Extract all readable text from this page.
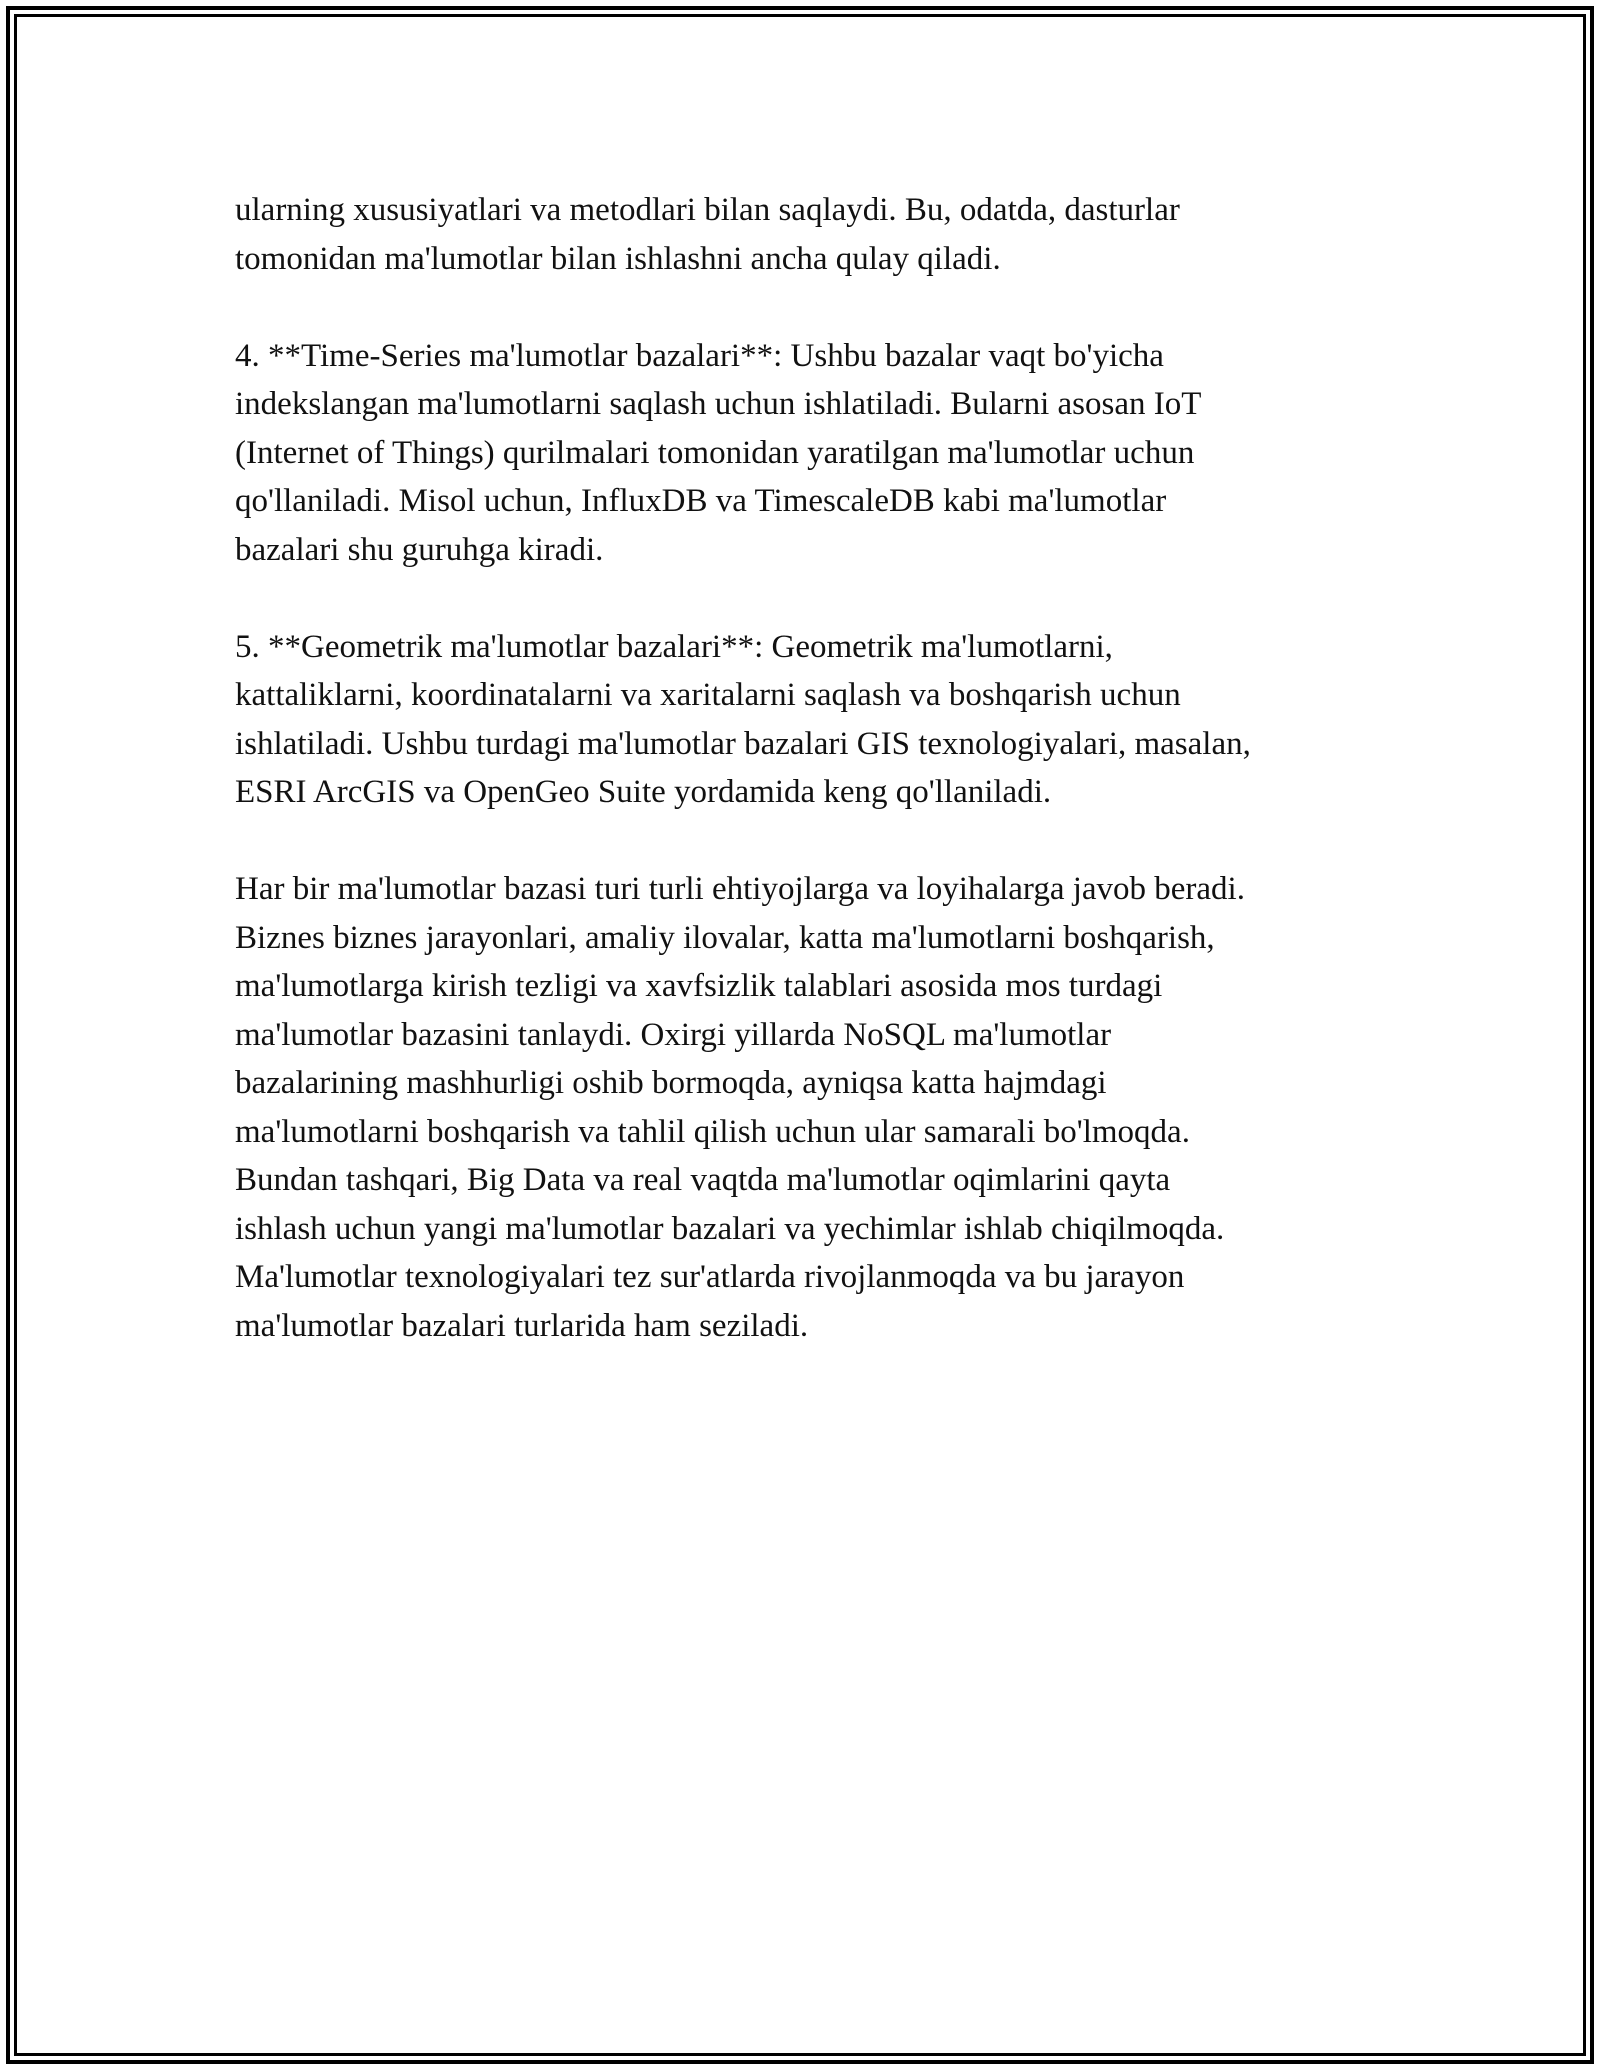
ularning xususiyatlari va metodlari bilan saqlaydi. Bu, odatda, dasturlar
tomonidan ma'lumotlar bilan ishlashni ancha qulay qiladi.

4. **Time-Series ma'lumotlar bazalari**: Ushbu bazalar vaqt bo'yicha
indekslangan ma'lumotlarni saqlash uchun ishlatiladi. Bularni asosan IoT
(Internet of Things) qurilmalari tomonidan yaratilgan ma'lumotlar uchun
qo'llaniladi. Misol uchun, InfluxDB va TimescaleDB kabi ma'lumotlar
bazalari shu guruhga kiradi.

5. **Geometrik ma'lumotlar bazalari**: Geometrik ma'lumotlarni,
kattaliklarni, koordinatalarni va xaritalarni saqlash va boshqarish uchun
ishlatiladi. Ushbu turdagi ma'lumotlar bazalari GIS texnologiyalari, masalan,
ESRI ArcGIS va OpenGeo Suite yordamida keng qo'llaniladi.

Har bir ma'lumotlar bazasi turi turli ehtiyojlarga va loyihalarga javob beradi.
Biznes biznes jarayonlari, amaliy ilovalar, katta ma'lumotlarni boshqarish,
ma'lumotlarga kirish tezligi va xavfsizlik talablari asosida mos turdagi
ma'lumotlar bazasini tanlaydi. Oxirgi yillarda NoSQL ma'lumotlar
bazalarining mashhurligi oshib bormoqda, ayniqsa katta hajmdagi
ma'lumotlarni boshqarish va tahlil qilish uchun ular samarali bo'lmoqda.
Bundan tashqari, Big Data va real vaqtda ma'lumotlar oqimlarini qayta
ishlash uchun yangi ma'lumotlar bazalari va yechimlar ishlab chiqilmoqda.
Ma'lumotlar texnologiyalari tez sur'atlarda rivojlanmoqda va bu jarayon
ma'lumotlar bazalari turlarida ham seziladi.
